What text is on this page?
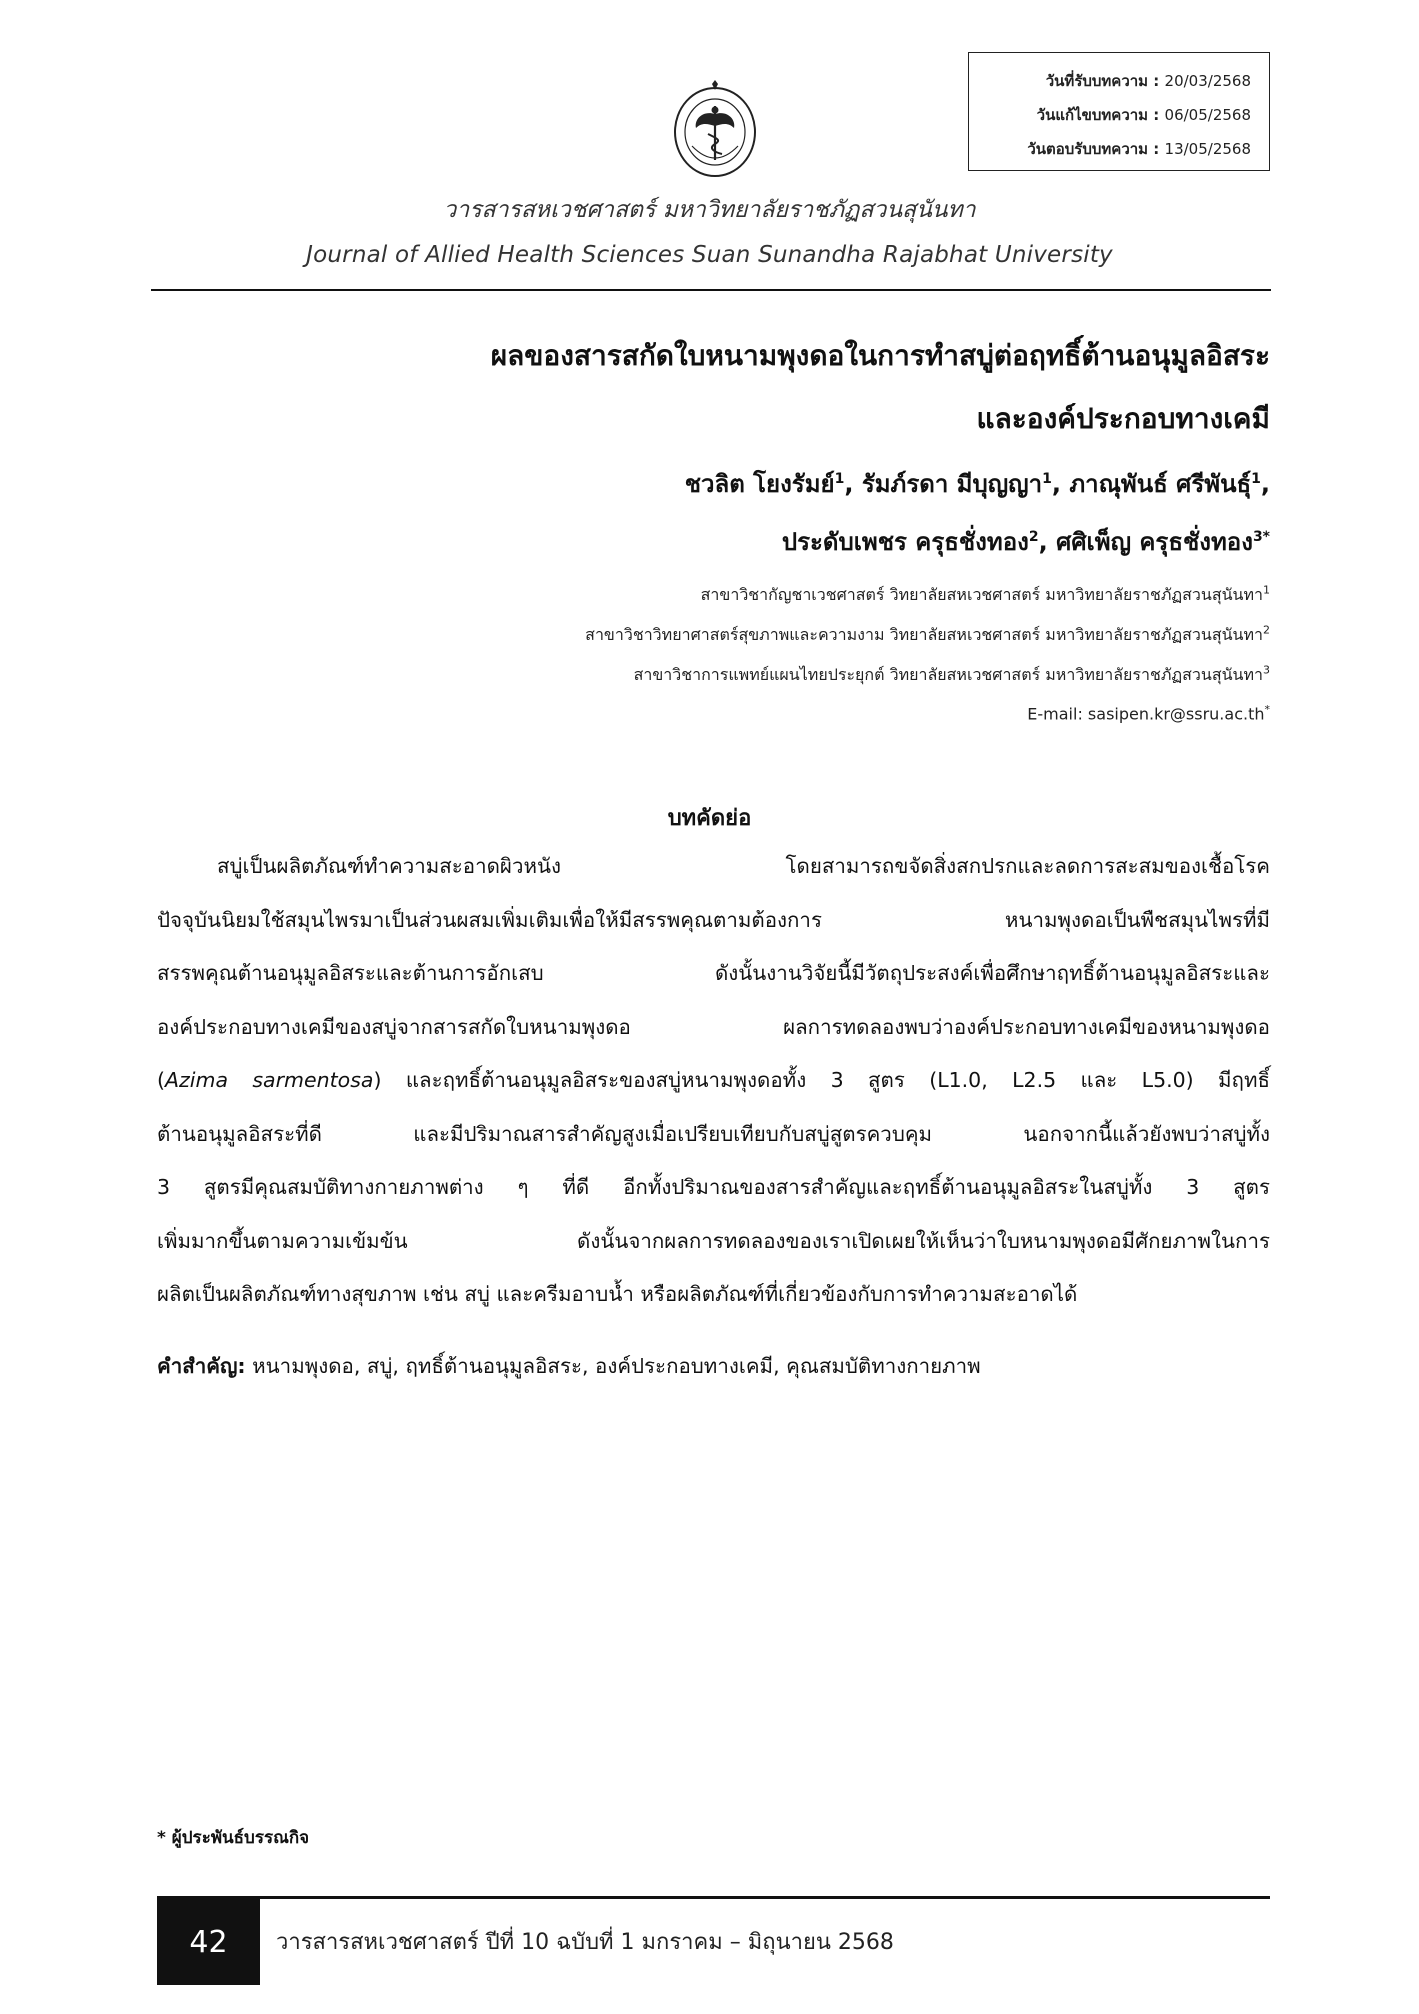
วันที่รับบทความ : 20/03/2568
วันแก้ไขบทความ : 06/05/2568
วันตอบรับบทความ : 13/05/2568
วารสารสหเวชศาสตร์ มหาวิทยาลัยราชภัฏสวนสุนันทา
Journal of Allied Health Sciences Suan Sunandha Rajabhat University
ผลของสารสกัดใบหนามพุงดอในการทำสบู่ต่อฤทธิ์ต้านอนุมูลอิสระ
และองค์ประกอบทางเคมี
ชวลิต โยงรัมย์$^1$, รัมภ์รดา มีบุญญา$^1$, ภาณุพันธ์ ศรีพันธุ์$^1$,
ประดับเพชร ครุธชั่งทอง$^2$, ศศิเพ็ญ ครุธชั่งทอง$^{3*}$
สาขาวิชากัญชาเวชศาสตร์ วิทยาลัยสหเวชศาสตร์ มหาวิทยาลัยราชภัฏสวนสุนันทา$^1$
สาขาวิชาวิทยาศาสตร์สุขภาพและความงาม วิทยาลัยสหเวชศาสตร์ มหาวิทยาลัยราชภัฏสวนสุนันทา$^2$
สาขาวิชาการแพทย์แผนไทยประยุกต์ วิทยาลัยสหเวชศาสตร์ มหาวิทยาลัยราชภัฏสวนสุนันทา$^3$
E-mail: sasipen.kr@ssru.ac.th*
บทคัดย่อ
สบู่เป็นผลิตภัณฑ์ทำความสะอาดผิวหนัง โดยสามารถขจัดสิ่งสกปรกและลดการสะสมของเชื้อโรค
ปัจจุบันนิยมใช้สมุนไพรมาเป็นส่วนผสมเพิ่มเติมเพื่อให้มีสรรพคุณตามต้องการ หนามพุงดอเป็นพืชสมุนไพรที่มี
สรรพคุณต้านอนุมูลอิสระและต้านการอักเสบ ดังนั้นงานวิจัยนี้มีวัตถุประสงค์เพื่อศึกษาฤทธิ์ต้านอนุมูลอิสระและ
องค์ประกอบทางเคมีของสบู่จากสารสกัดใบหนามพุงดอ ผลการทดลองพบว่าองค์ประกอบทางเคมีของหนามพุงดอ
(Azima sarmentosa) และฤทธิ์ต้านอนุมูลอิสระของสบู่หนามพุงดอทั้ง 3 สูตร (L1.0, L2.5 และ L5.0) มีฤทธิ์
ต้านอนุมูลอิสระที่ดี และมีปริมาณสารสำคัญสูงเมื่อเปรียบเทียบกับสบู่สูตรควบคุม นอกจากนี้แล้วยังพบว่าสบู่ทั้ง
3 สูตรมีคุณสมบัติทางกายภาพต่าง ๆ ที่ดี อีกทั้งปริมาณของสารสำคัญและฤทธิ์ต้านอนุมูลอิสระในสบู่ทั้ง 3 สูตร
เพิ่มมากขึ้นตามความเข้มข้น ดังนั้นจากผลการทดลองของเราเปิดเผยให้เห็นว่าใบหนามพุงดอมีศักยภาพในการ
ผลิตเป็นผลิตภัณฑ์ทางสุขภาพ เช่น สบู่ และครีมอาบน้ำ หรือผลิตภัณฑ์ที่เกี่ยวข้องกับการทำความสะอาดได้
คำสำคัญ: หนามพุงดอ, สบู่, ฤทธิ์ต้านอนุมูลอิสระ, องค์ประกอบทางเคมี, คุณสมบัติทางกายภาพ
* ผู้ประพันธ์บรรณกิจ
42	วารสารสหเวชศาสตร์ ปีที่ 10 ฉบับที่ 1 มกราคม – มิถุนายน 2568
